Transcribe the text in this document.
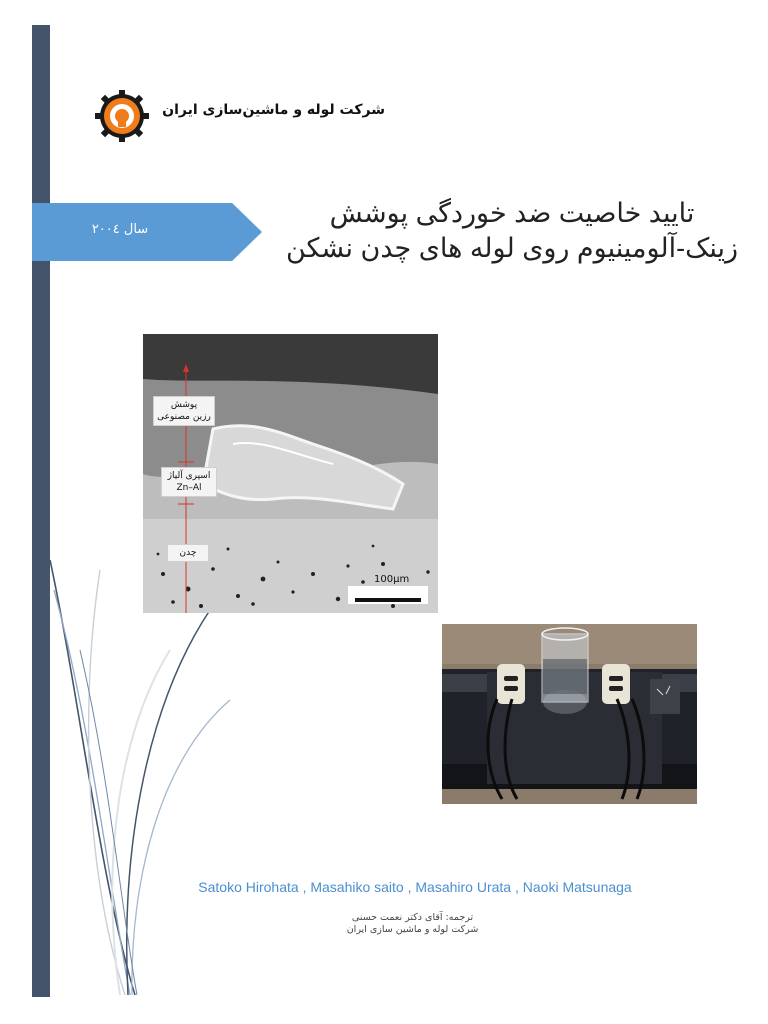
شرکت لوله و ماشین‌سازی ایران
سال ۲۰۰٤
تایید خاصیت ضد خوردگی پوشش
زینک-آلومینیوم روی لوله های چدن نشکن
پوشش
رزین مصنوعی
اسپری آلیاژ
Zn–Al
چدن
100μm
Satoko Hirohata , Masahiko saito , Masahiro Urata , Naoki Matsunaga
ترجمه: آقای دکتر نعمت حسنی
شرکت لوله و ماشین سازی ایران
